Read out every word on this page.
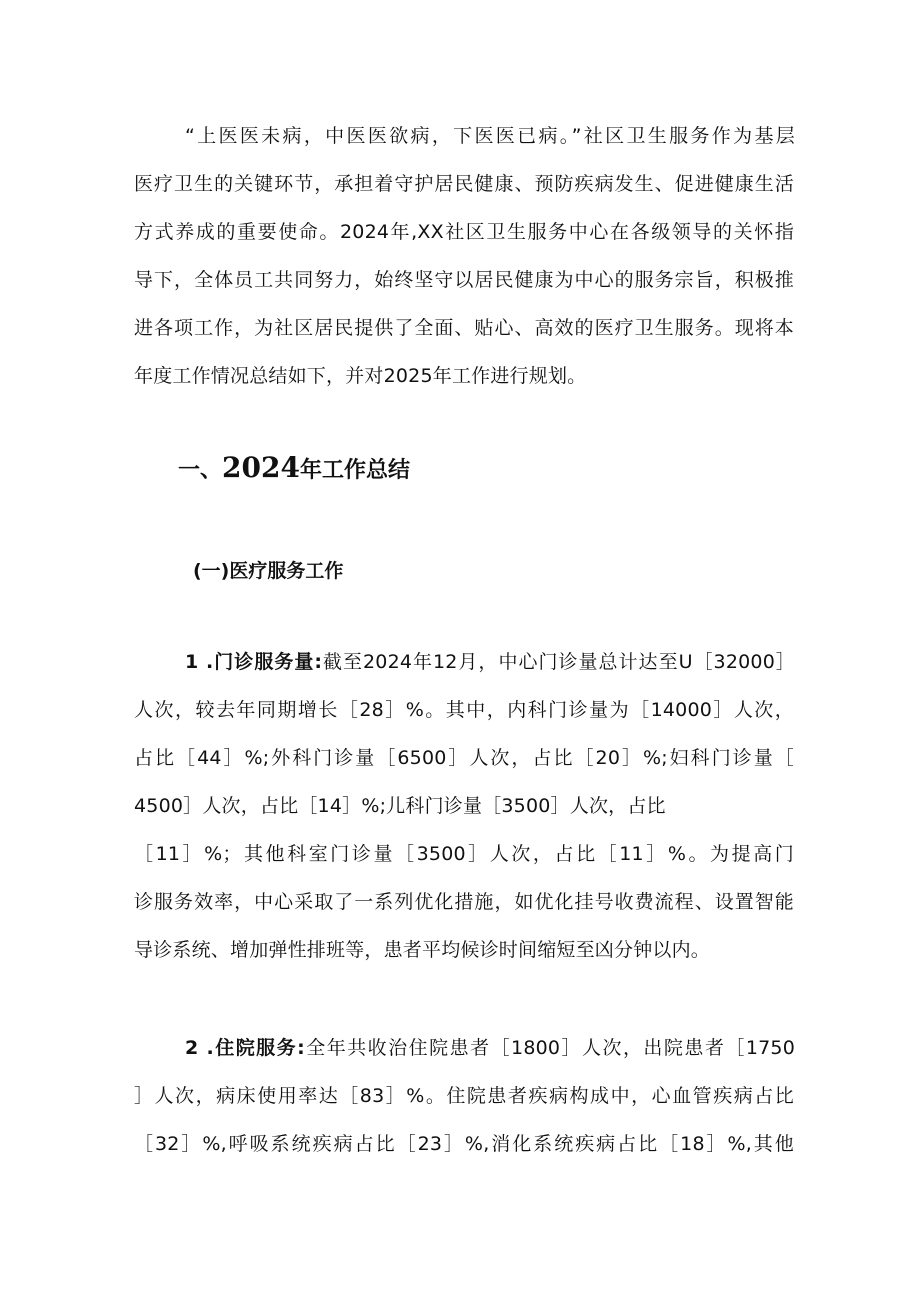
“上医医未病，中医医欲病，下医医已病。”社区卫生服务作为基层
医疗卫生的关键环节，承担着守护居民健康、预防疾病发生、促进健康生活
方式养成的重要使命。2024年,XX社区卫生服务中心在各级领导的关怀指
导下，全体员工共同努力，始终坚守以居民健康为中心的服务宗旨，积极推
进各项工作，为社区居民提供了全面、贴心、高效的医疗卫生服务。现将本
年度工作情况总结如下，并对2025年工作进行规划。
一、2024年工作总结
(一)医疗服务工作
1 .门诊服务量:截至2024年12月，中心门诊量总计达至U［32000］
人次，较去年同期增长［28］%。其中，内科门诊量为［14000］人次，
占比［44］%;外科门诊量［6500］人次，占比［20］%;妇科门诊量［
4500］人次，占比［14］%;儿科门诊量［3500］人次，占比
［11］%；其他科室门诊量［3500］人次，占比［11］%。为提高门
诊服务效率，中心采取了一系列优化措施，如优化挂号收费流程、设置智能
导诊系统、增加弹性排班等，患者平均候诊时间缩短至凶分钟以内。
2 .住院服务:全年共收治住院患者［1800］人次，出院患者［1750
］人次，病床使用率达［83］%。住院患者疾病构成中，心血管疾病占比
［32］%,呼吸系统疾病占比［23］%,消化系统疾病占比［18］%,其他
